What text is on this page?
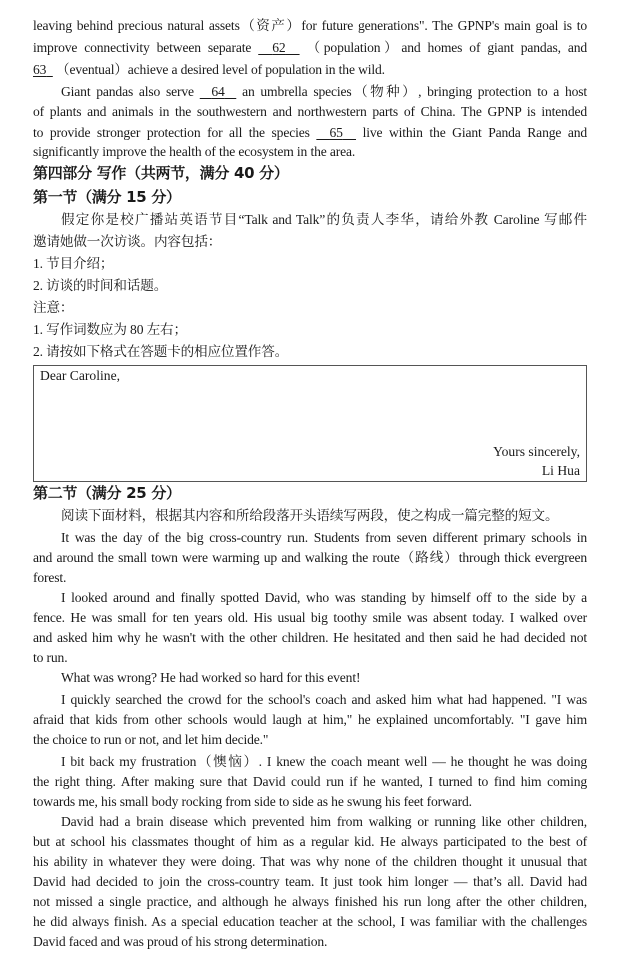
leaving behind precious natural assets（资产）for future generations". The GPNP's main goal is to
improve connectivity between separate 62 （population）and homes of giant pandas, and
63 （eventual）achieve a desired level of population in the wild.
Giant pandas also serve 64 an umbrella species（物种）, bringing protection to a host
of plants and animals in the southwestern and northwestern parts of China. The GPNP is intended
to provide stronger protection for all the species 65 live within the Giant Panda Range and
significantly improve the health of the ecosystem in the area.
第四部分 写作（共两节，满分 40 分）
第一节（满分 15 分）
假定你是校广播站英语节目“Talk and Talk”的负责人李华，请给外教 Caroline 写邮件
邀请她做一次访谈。内容包括：
1. 节目介绍；
2. 访谈的时间和话题。
注意：
1. 写作词数应为 80 左右；
2. 请按如下格式在答题卡的相应位置作答。
Dear Caroline,
Yours sincerely,
Li Hua
第二节（满分 25 分）
阅读下面材料，根据其内容和所给段落开头语续写两段，使之构成一篇完整的短文。
It was the day of the big cross-country run. Students from seven different primary schools in
and around the small town were warming up and walking the route（路线）through thick evergreen
forest.
I looked around and finally spotted David, who was standing by himself off to the side by a
fence. He was small for ten years old. His usual big toothy smile was absent today. I walked over
and asked him why he wasn't with the other children. He hesitated and then said he had decided not
to run.
What was wrong? He had worked so hard for this event!
I quickly searched the crowd for the school's coach and asked him what had happened. "I was
afraid that kids from other schools would laugh at him," he explained uncomfortably. "I gave him
the choice to run or not, and let him decide."
I bit back my frustration（懊恼）. I knew the coach meant well — he thought he was doing
the right thing. After making sure that David could run if he wanted, I turned to find him coming
towards me, his small body rocking from side to side as he swung his feet forward.
David had a brain disease which prevented him from walking or running like other children,
but at school his classmates thought of him as a regular kid. He always participated to the best of
his ability in whatever they were doing. That was why none of the children thought it unusual that
David had decided to join the cross-country team. It just took him longer — that’s all. David had
not missed a single practice, and although he always finished his run long after the other children,
he did always finish. As a special education teacher at the school, I was familiar with the challenges
David faced and was proud of his strong determination.
